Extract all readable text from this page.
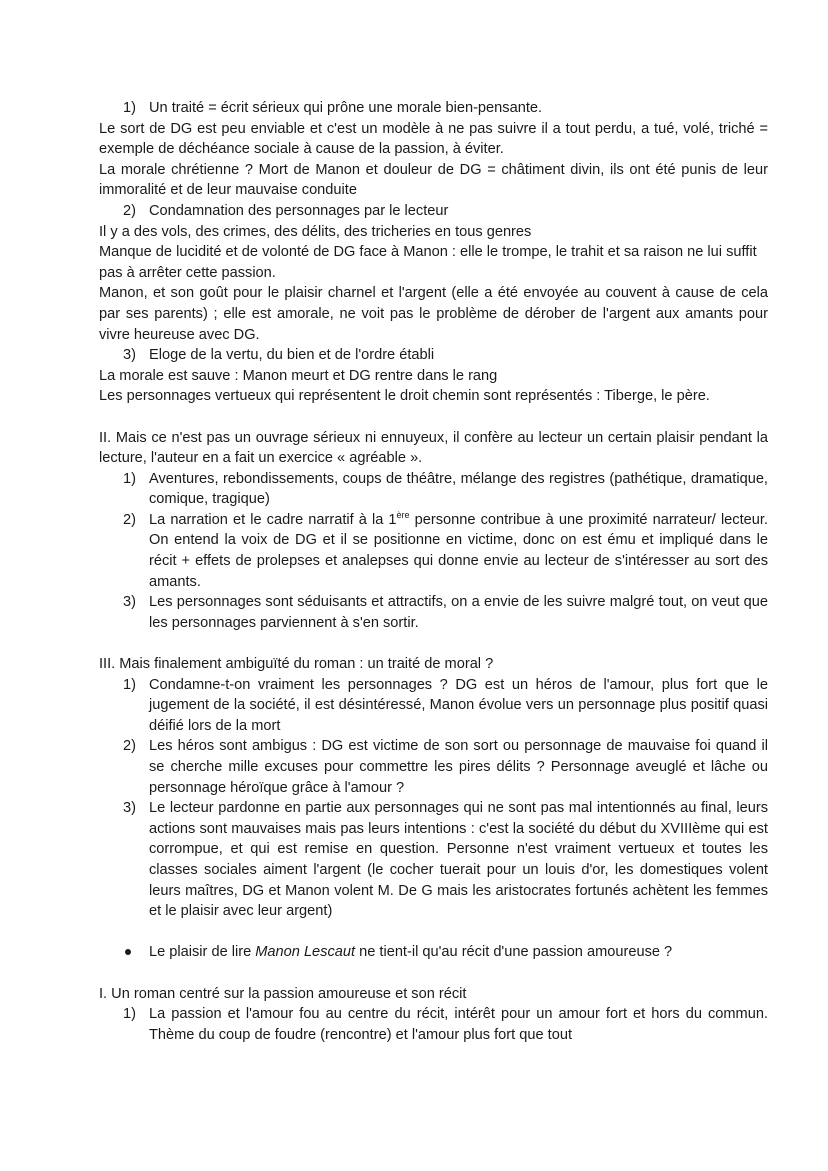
1) Un traité = écrit sérieux qui prône une morale bien-pensante.

Le sort de DG est peu enviable et c'est un modèle à ne pas suivre il a tout perdu, a tué, volé, triché = exemple de déchéance sociale à cause de la passion, à éviter.

La morale chrétienne ? Mort de Manon et douleur de DG = châtiment divin, ils ont été punis de leur immoralité et de leur mauvaise conduite

2) Condamnation des personnages par le lecteur

Il y a des vols, des crimes, des délits, des tricheries en tous genres

Manque de lucidité et de volonté de DG face à Manon : elle le trompe, le trahit et sa raison ne lui suffit pas à arrêter cette passion.

Manon, et son goût pour le plaisir charnel et l'argent (elle a été envoyée au couvent à cause de cela par ses parents) ; elle est amorale, ne voit pas le problème de dérober de l'argent aux amants pour vivre heureuse avec DG.

3) Eloge de la vertu, du bien et de l'ordre établi

La morale est sauve : Manon meurt et DG rentre dans le rang

Les personnages vertueux qui représentent le droit chemin sont représentés : Tiberge, le père.

II. Mais ce n'est pas un ouvrage sérieux ni ennuyeux, il confère au lecteur un certain plaisir pendant la lecture, l'auteur en a fait un exercice « agréable ».

1) Aventures, rebondissements, coups de théâtre, mélange des registres (pathétique, dramatique, comique, tragique)
2) La narration et le cadre narratif à la 1ère personne contribue à une proximité narrateur/ lecteur. On entend la voix de DG et il se positionne en victime, donc on est ému et impliqué dans le récit + effets de prolepses et analepses qui donne envie au lecteur de s'intéresser au sort des amants.
3) Les personnages sont séduisants et attractifs, on a envie de les suivre malgré tout, on veut que les personnages parviennent à s'en sortir.

III. Mais finalement ambiguïté du roman : un traité de moral ?

1) Condamne-t-on vraiment les personnages ? DG est un héros de l'amour, plus fort que le jugement de la société, il est désintéressé, Manon évolue vers un personnage plus positif quasi déifié lors de la mort
2) Les héros sont ambigus : DG est victime de son sort ou personnage de mauvaise foi quand il se cherche mille excuses pour commettre les pires délits ? Personnage aveuglé et lâche ou personnage héroïque grâce à l'amour ?
3) Le lecteur pardonne en partie aux personnages qui ne sont pas mal intentionnés au final, leurs actions sont mauvaises mais pas leurs intentions : c'est la société du début du XVIIIème qui est corrompue, et qui est remise en question. Personne n'est vraiment vertueux et toutes les classes sociales aiment l'argent (le cocher tuerait pour un louis d'or, les domestiques volent leurs maîtres, DG et Manon volent M. De G mais les aristocrates fortunés achètent les femmes et le plaisir avec leur argent)
Le plaisir de lire Manon Lescaut ne tient-il qu'au récit d'une passion amoureuse ?

I. Un roman centré sur la passion amoureuse et son récit

1) La passion et l'amour fou au centre du récit, intérêt pour un amour fort et hors du commun. Thème du coup de foudre (rencontre) et l'amour plus fort que tout
